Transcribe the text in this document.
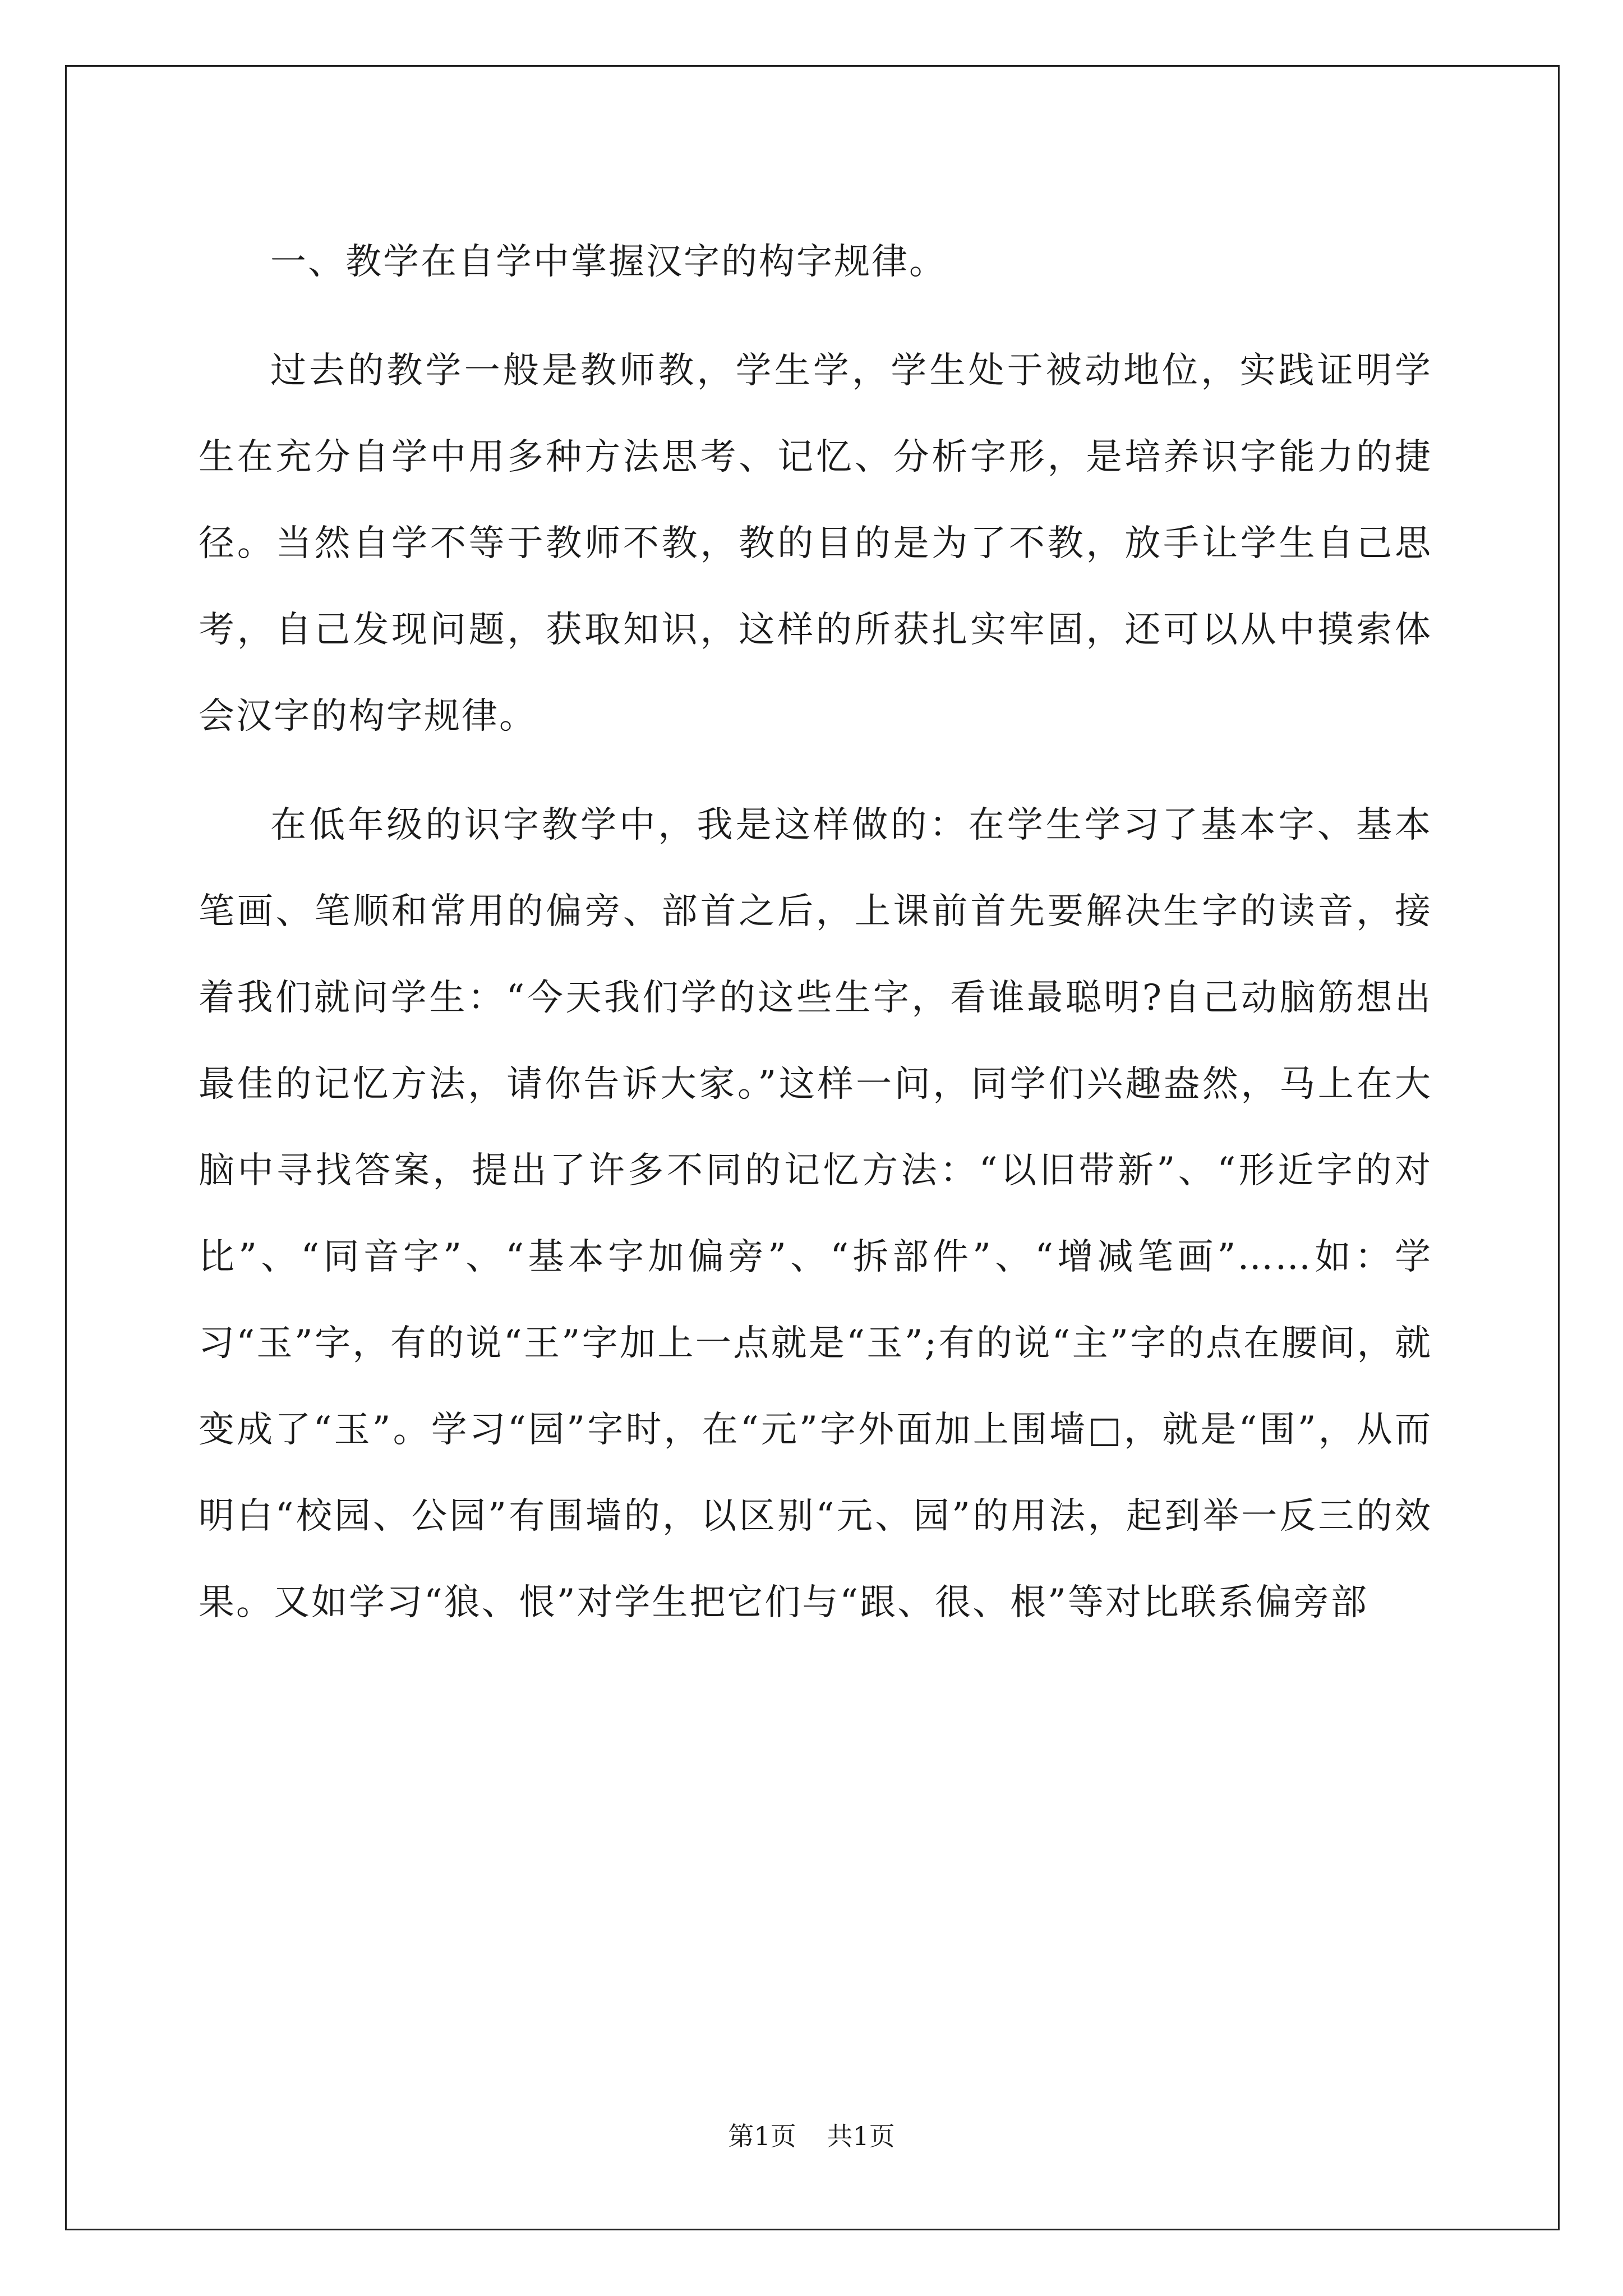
一、教学在自学中掌握汉字的构字规律。

过去的教学一般是教师教，学生学，学生处于被动地位，实践证明学生在充分自学中用多种方法思考、记忆、分析字形，是培养识字能力的捷径。当然自学不等于教师不教，教的目的是为了不教，放手让学生自己思考，自己发现问题，获取知识，这样的所获扎实牢固，还可以从中摸索体会汉字的构字规律。

在低年级的识字教学中，我是这样做的：在学生学习了基本字、基本笔画、笔顺和常用的偏旁、部首之后，上课前首先要解决生字的读音，接着我们就问学生：“今天我们学的这些生字，看谁最聪明?自己动脑筋想出最佳的记忆方法，请你告诉大家。”这样一问，同学们兴趣盎然，马上在大脑中寻找答案，提出了许多不同的记忆方法：“以旧带新”、“形近字的对比”、“同音字”、“基本字加偏旁”、“拆部件”、“增减笔画”……如：学习“玉”字，有的说“王”字加上一点就是“玉”;有的说“主”字的点在腰间，就变成了“玉”。学习“园”字时，在“元”字外面加上围墙□，就是“围”，从而明白“校园、公园”有围墙的，以区别“元、园”的用法，起到举一反三的效果。又如学习“狼、恨”对学生把它们与“跟、很、根”等对比联系偏旁部

第1页 共1页
